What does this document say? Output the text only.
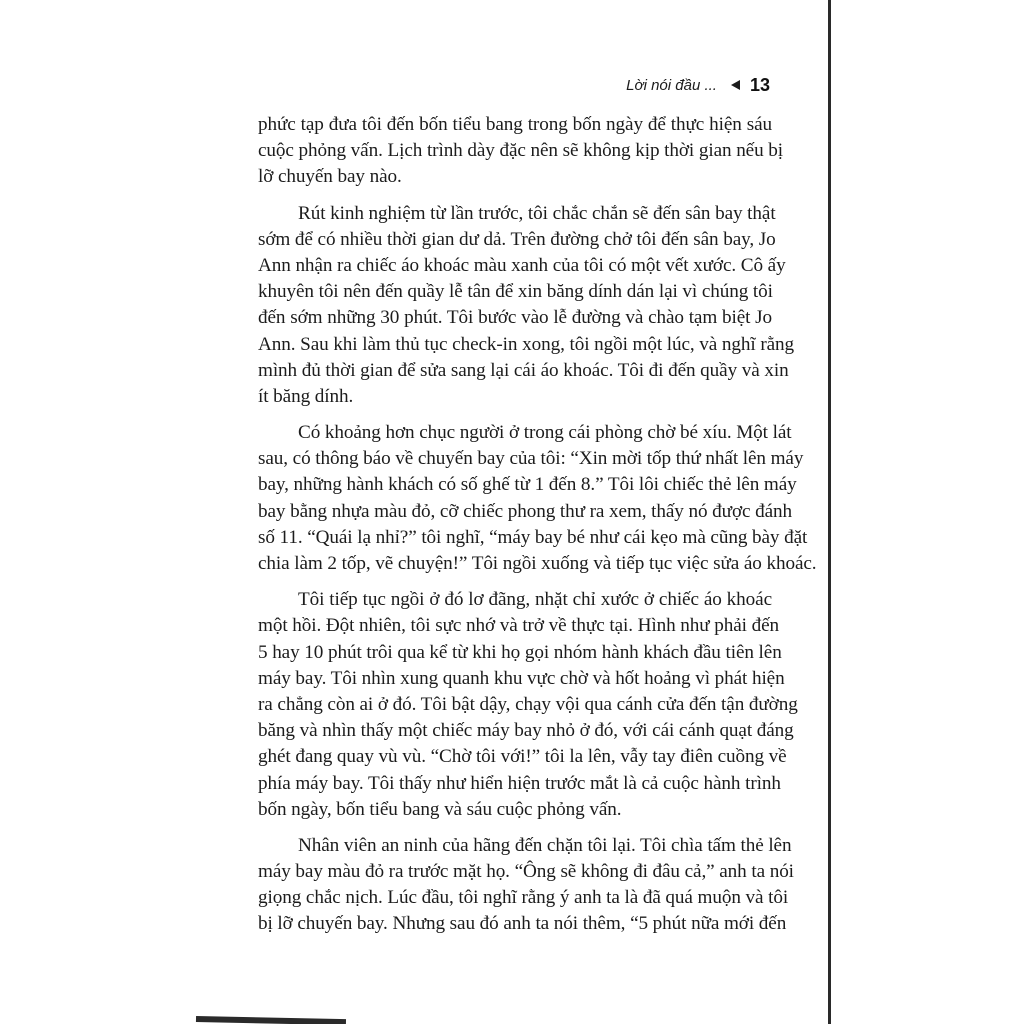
Lời nói đầu ... 13
phức tạp đưa tôi đến bốn tiểu bang trong bốn ngày để thực hiện sáu
cuộc phỏng vấn. Lịch trình dày đặc nên sẽ không kịp thời gian nếu bị
lỡ chuyến bay nào.
Rút kinh nghiệm từ lần trước, tôi chắc chắn sẽ đến sân bay thật
sớm để có nhiều thời gian dư dả. Trên đường chở tôi đến sân bay, Jo
Ann nhận ra chiếc áo khoác màu xanh của tôi có một vết xước. Cô ấy
khuyên tôi nên đến quầy lễ tân để xin băng dính dán lại vì chúng tôi
đến sớm những 30 phút. Tôi bước vào lễ đường và chào tạm biệt Jo
Ann. Sau khi làm thủ tục check-in xong, tôi ngồi một lúc, và nghĩ rằng
mình đủ thời gian để sửa sang lại cái áo khoác. Tôi đi đến quầy và xin
ít băng dính.
Có khoảng hơn chục người ở trong cái phòng chờ bé xíu. Một lát
sau, có thông báo về chuyến bay của tôi: “Xin mời tốp thứ nhất lên máy
bay, những hành khách có số ghế từ 1 đến 8.” Tôi lôi chiếc thẻ lên máy
bay bằng nhựa màu đỏ, cỡ chiếc phong thư ra xem, thấy nó được đánh
số 11. “Quái lạ nhỉ?” tôi nghĩ, “máy bay bé như cái kẹo mà cũng bày đặt
chia làm 2 tốp, vẽ chuyện!” Tôi ngồi xuống và tiếp tục việc sửa áo khoác.
Tôi tiếp tục ngồi ở đó lơ đãng, nhặt chỉ xước ở chiếc áo khoác
một hồi. Đột nhiên, tôi sực nhớ và trở về thực tại. Hình như phải đến
5 hay 10 phút trôi qua kể từ khi họ gọi nhóm hành khách đầu tiên lên
máy bay. Tôi nhìn xung quanh khu vực chờ và hốt hoảng vì phát hiện
ra chẳng còn ai ở đó. Tôi bật dậy, chạy vội qua cánh cửa đến tận đường
băng và nhìn thấy một chiếc máy bay nhỏ ở đó, với cái cánh quạt đáng
ghét đang quay vù vù. “Chờ tôi với!” tôi la lên, vẫy tay điên cuồng về
phía máy bay. Tôi thấy như hiển hiện trước mắt là cả cuộc hành trình
bốn ngày, bốn tiểu bang và sáu cuộc phỏng vấn.
Nhân viên an ninh của hãng đến chặn tôi lại. Tôi chìa tấm thẻ lên
máy bay màu đỏ ra trước mặt họ. “Ông sẽ không đi đâu cả,” anh ta nói
giọng chắc nịch. Lúc đầu, tôi nghĩ rằng ý anh ta là đã quá muộn và tôi
bị lỡ chuyến bay. Nhưng sau đó anh ta nói thêm, “5 phút nữa mới đến
